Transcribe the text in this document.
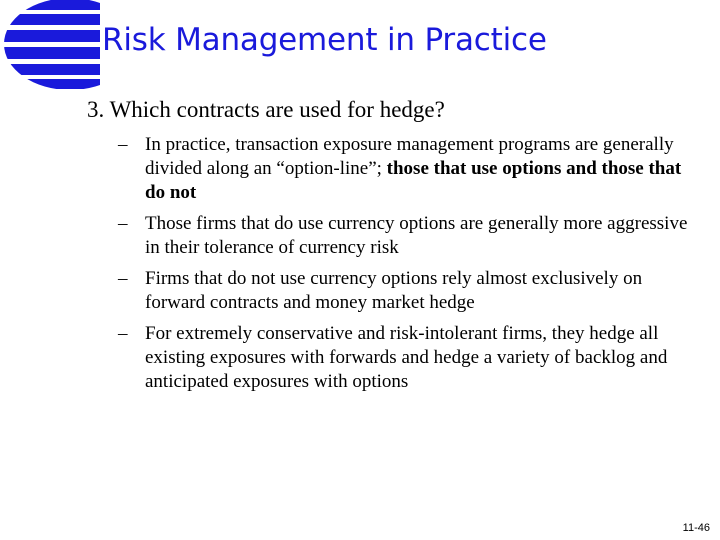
Risk Management in Practice

3. Which contracts are used for hedge?

– In practice, transaction exposure management programs are generally divided along an “option-line”; those that use options and those that do not
– Those firms that do use currency options are generally more aggressive in their tolerance of currency risk
– Firms that do not use currency options rely almost exclusively on forward contracts and money market hedge
– For extremely conservative and risk-intolerant firms, they hedge all existing exposures with forwards and hedge a variety of backlog and anticipated exposures with options
11-46
